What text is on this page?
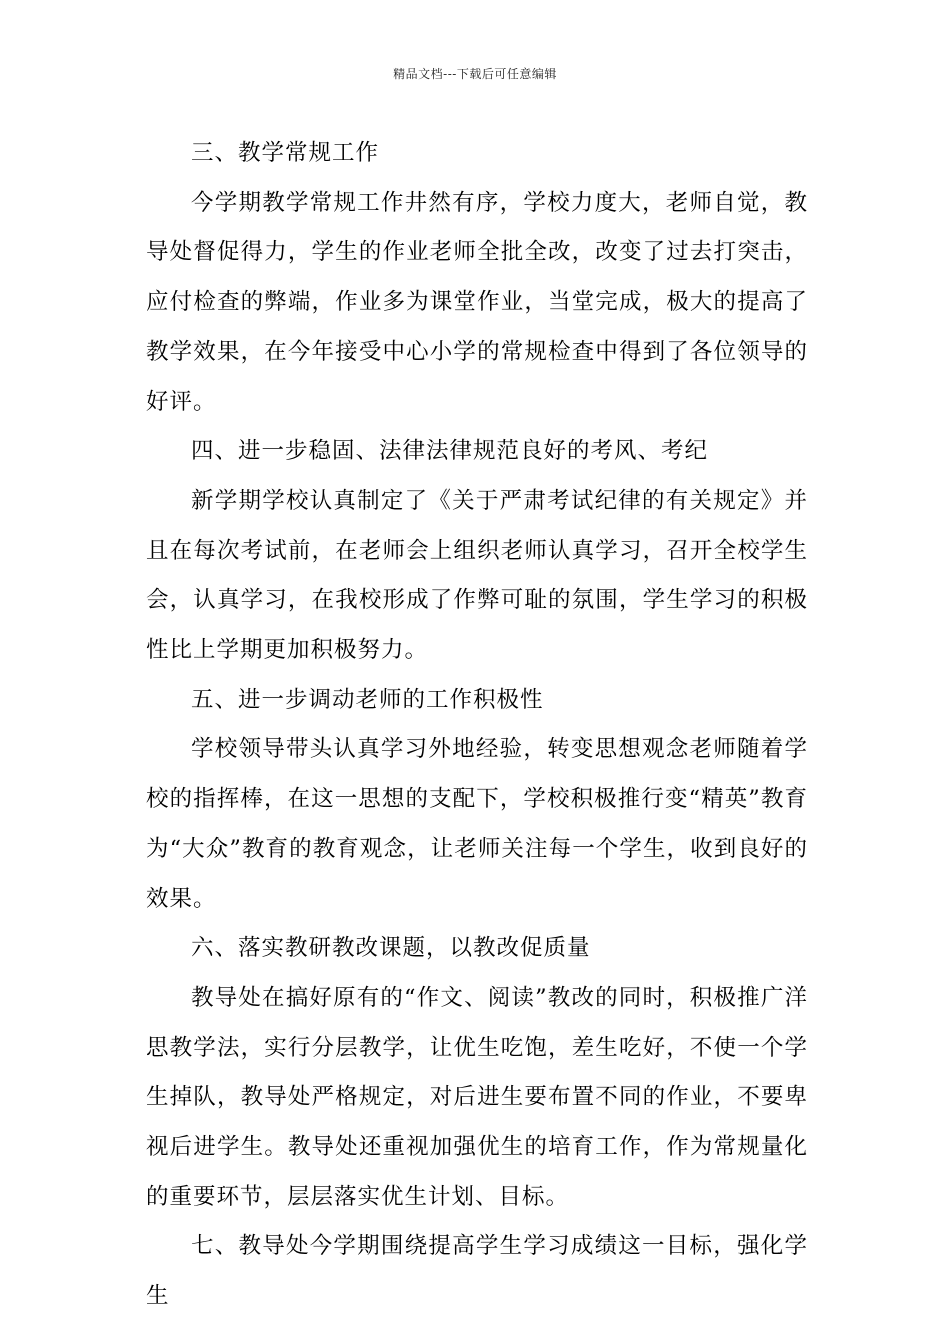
精品文档---下载后可任意编辑

三、教学常规工作

今学期教学常规工作井然有序，学校力度大，老师自觉，教导处督促得力，学生的作业老师全批全改，改变了过去打突击，应付检查的弊端，作业多为课堂作业，当堂完成，极大的提高了教学效果，在今年接受中心小学的常规检查中得到了各位领导的好评。

四、进一步稳固、法律法律规范良好的考风、考纪

新学期学校认真制定了《关于严肃考试纪律的有关规定》并且在每次考试前，在老师会上组织老师认真学习，召开全校学生会，认真学习，在我校形成了作弊可耻的氛围，学生学习的积极性比上学期更加积极努力。

五、进一步调动老师的工作积极性

学校领导带头认真学习外地经验，转变思想观念老师随着学校的指挥棒，在这一思想的支配下，学校积极推行变“精英”教育为“大众”教育的教育观念，让老师关注每一个学生，收到良好的效果。

六、落实教研教改课题，以教改促质量

教导处在搞好原有的“作文、阅读”教改的同时，积极推广洋思教学法，实行分层教学，让优生吃饱，差生吃好，不使一个学生掉队，教导处严格规定，对后进生要布置不同的作业，不要卑视后进学生。教导处还重视加强优生的培育工作，作为常规量化的重要环节，层层落实优生计划、目标。

七、教导处今学期围绕提高学生学习成绩这一目标，强化学生
